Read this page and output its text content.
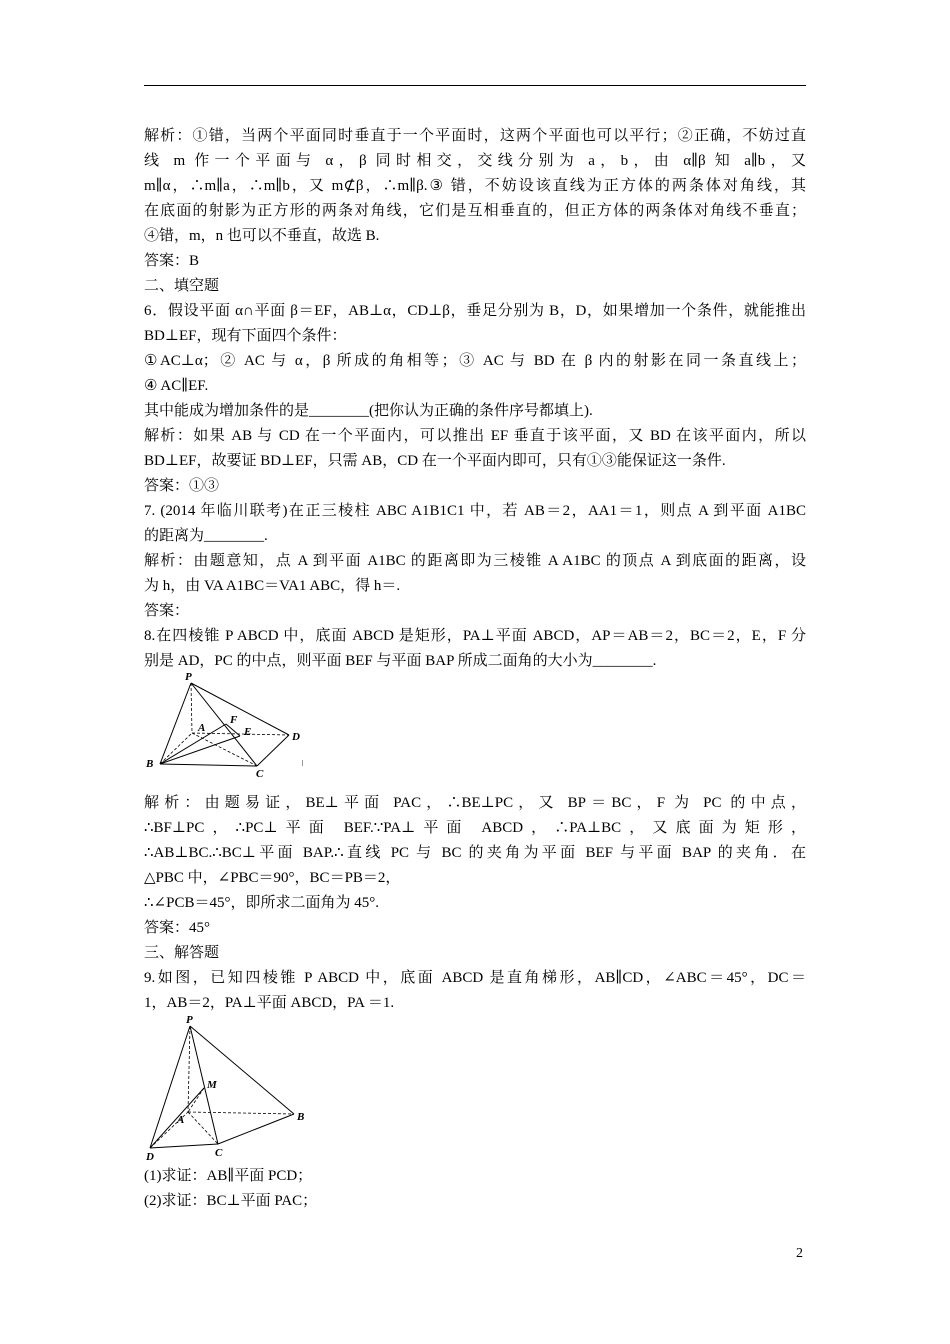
解析：①错，当两个平面同时垂直于一个平面时，这两个平面也可以平行；②正确，不妨过直
线 m 作一个平面与 α，β 同时相交，交线分别为 a，b，由 α∥β 知 a∥b，又
m∥α，∴m∥a，∴m∥b，又 m⊄β，∴m∥β.③ 错，不妨设该直线为正方体的两条体对角线，其
在底面的射影为正方形的两条对角线，它们是互相垂直的，但正方体的两条体对角线不垂直；
④错，m，n 也可以不垂直，故选 B.
答案：B
二、填空题
6．假设平面 α∩平面 β＝EF，AB⊥α，CD⊥β，垂足分别为 B，D，如果增加一个条件，就能推出
BD⊥EF，现有下面四个条件：
①AC⊥α；② AC 与 α，β 所成的角相等；③ AC 与 BD 在 β 内的射影在同一条直线上；
④ AC∥EF.
其中能成为增加条件的是________(把你认为正确的条件序号都填上).
解析：如果 AB 与 CD 在一个平面内，可以推出 EF 垂直于该平面，又 BD 在该平面内，所以
BD⊥EF，故要证 BD⊥EF，只需 AB，CD 在一个平面内即可，只有①③能保证这一条件.
答案：①③
7. (2014 年临川联考)在正三棱柱 ABC A1B1C1 中，若 AB＝2，AA1＝1，则点 A 到平面 A1BC
的距离为________.
解析：由题意知，点 A 到平面 A1BC 的距离即为三棱锥 A A1BC 的顶点 A 到底面的距离，设
为 h，由 VA A1BC＝VA1 ABC，得 h＝.
答案：
8.在四棱锥 P ABCD 中，底面 ABCD 是矩形，PA⊥平面 ABCD，AP＝AB＝2，BC＝2，E，F 分
别是 AD，PC 的中点，则平面 BEF 与平面 BAP 所成二面角的大小为________.
P
A
F
E	D
B
C
解析：由题易证，BE⊥平面 PAC，∴BE⊥PC，又 BP＝BC，F 为 PC 的中点，
∴BF⊥PC，∴PC⊥平面 BEF.∵PA⊥平面 ABCD，∴PA⊥BC，又底面为矩形，
∴AB⊥BC.∴BC⊥平面 BAP.∴直线 PC 与 BC 的夹角为平面 BEF 与平面 BAP 的夹角．在
△PBC 中，∠PBC＝90°，BC＝PB＝2，
∴∠PCB＝45°，即所求二面角为 45°.
答案：45°
三、解答题
9.如图，已知四棱锥 P ABCD 中，底面 ABCD 是直角梯形，AB∥CD，∠ABC＝45°，DC＝
1，AB＝2，PA⊥平面 ABCD，PA ＝1.
P
M
A	B
D	C
(1)求证：AB∥平面 PCD；
(2)求证：BC⊥平面 PAC；
2
